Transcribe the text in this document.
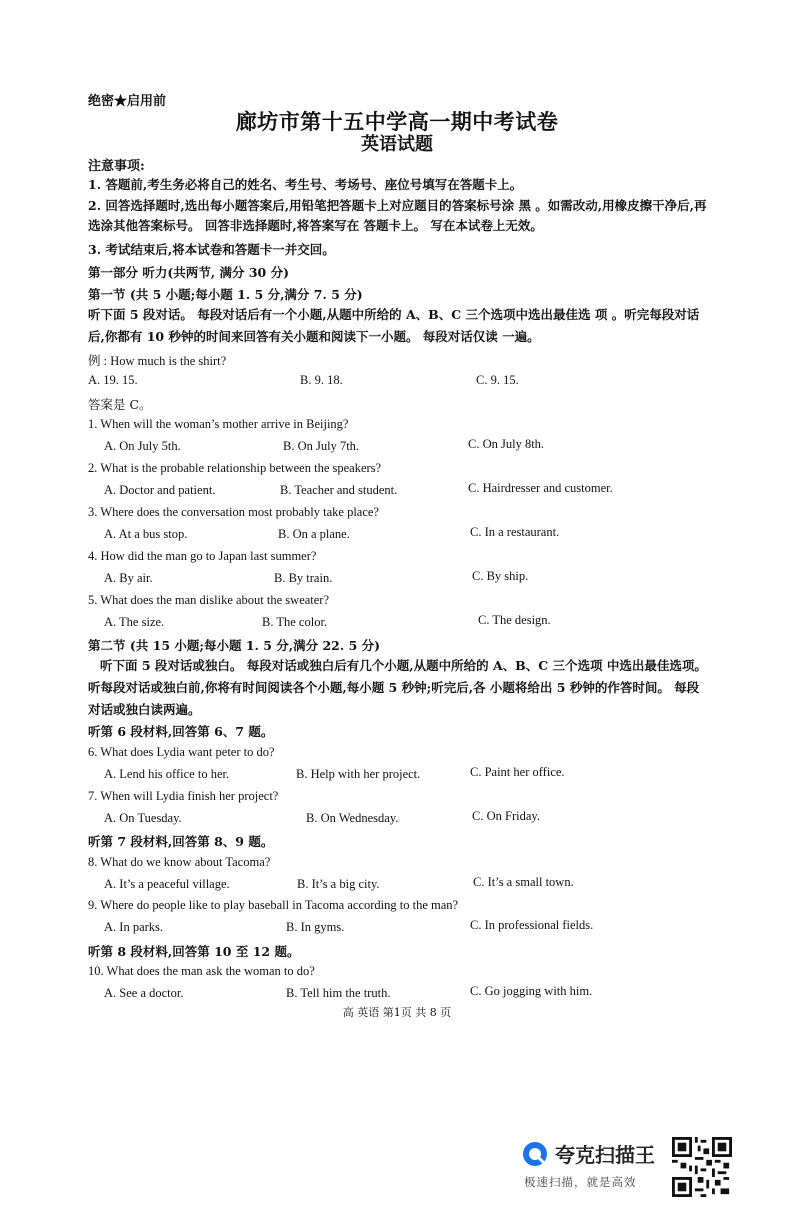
绝密★启用前
廊坊市第十五中学高一期中考试卷
英语试题
注意事项:
1. 答题前,考生务必将自己的姓名、考生号、考场号、座位号填写在答题卡上。
2. 回答选择题时,选出每小题答案后,用铅笔把答题卡上对应题目的答案标号涂 黑 。如需改动,用橡皮擦干净后,再选涂其他答案标号。 回答非选择题时,将答案写在 答题卡上。 写在本试卷上无效。
3. 考试结束后,将本试卷和答题卡一并交回。
第一部分 听力(共两节, 满分 30 分)
第一节 (共 5 小题;每小题 1. 5 分,满分 7. 5 分)
听下面 5 段对话。 每段对话后有一个小题,从题中所给的 A、B、C 三个选项中选出最佳选 项 。听完每段对话后,你都有 10 秒钟的时间来回答有关小题和阅读下一小题。 每段对话仅读 一遍。
例 : How much is the shirt?
A. 19. 15.	B. 9. 18.	C. 9. 15.
答案是 C。
1. When will the woman’s mother arrive in Beijing?
A. On July 5th.	B. On July 7th.	C. On July 8th.
2. What is the probable relationship between the speakers?
A. Doctor and patient.	B. Teacher and student.	C. Hairdresser and customer.
3. Where does the conversation most probably take place?
A. At a bus stop.	B. On a plane.	C. In a restaurant.
4. How did the man go to Japan last summer?
A. By air.	B. By train.	C. By ship.
5. What does the man dislike about the sweater?
A. The size.	B. The color.	C. The design.
第二节 (共 15 小题;每小题 1. 5 分,满分 22. 5 分)
听下面 5 段对话或独白。 每段对话或独白后有几个小题,从题中所给的 A、B、C 三个选项 中选出最佳选项。 听每段对话或独白前,你将有时间阅读各个小题,每小题 5 秒钟;听完后,各 小题将给出 5 秒钟的作答时间。 每段对话或独白读两遍。
听第 6 段材料,回答第 6、7 题。
6. What does Lydia want peter to do?
A. Lend his office to her.	B. Help with her project.	C. Paint her office.
7. When will Lydia finish her project?
A. On Tuesday.	B. On Wednesday.	C. On Friday.
听第 7 段材料,回答第 8、9 题。
8. What do we know about Tacoma?
A. It’s a peaceful village.	B. It’s a big city.	C. It’s a small town.
9. Where do people like to play baseball in Tacoma according to the man?
A. In parks.	B. In gyms.	C. In professional fields.
听第 8 段材料,回答第 10 至 12 题。
10. What does the man ask the woman to do?
A. See a doctor.	B. Tell him the truth.	C. Go jogging with him.
高 英语 第1页 共 8 页
夸克扫描王
极速扫描，就是高效
